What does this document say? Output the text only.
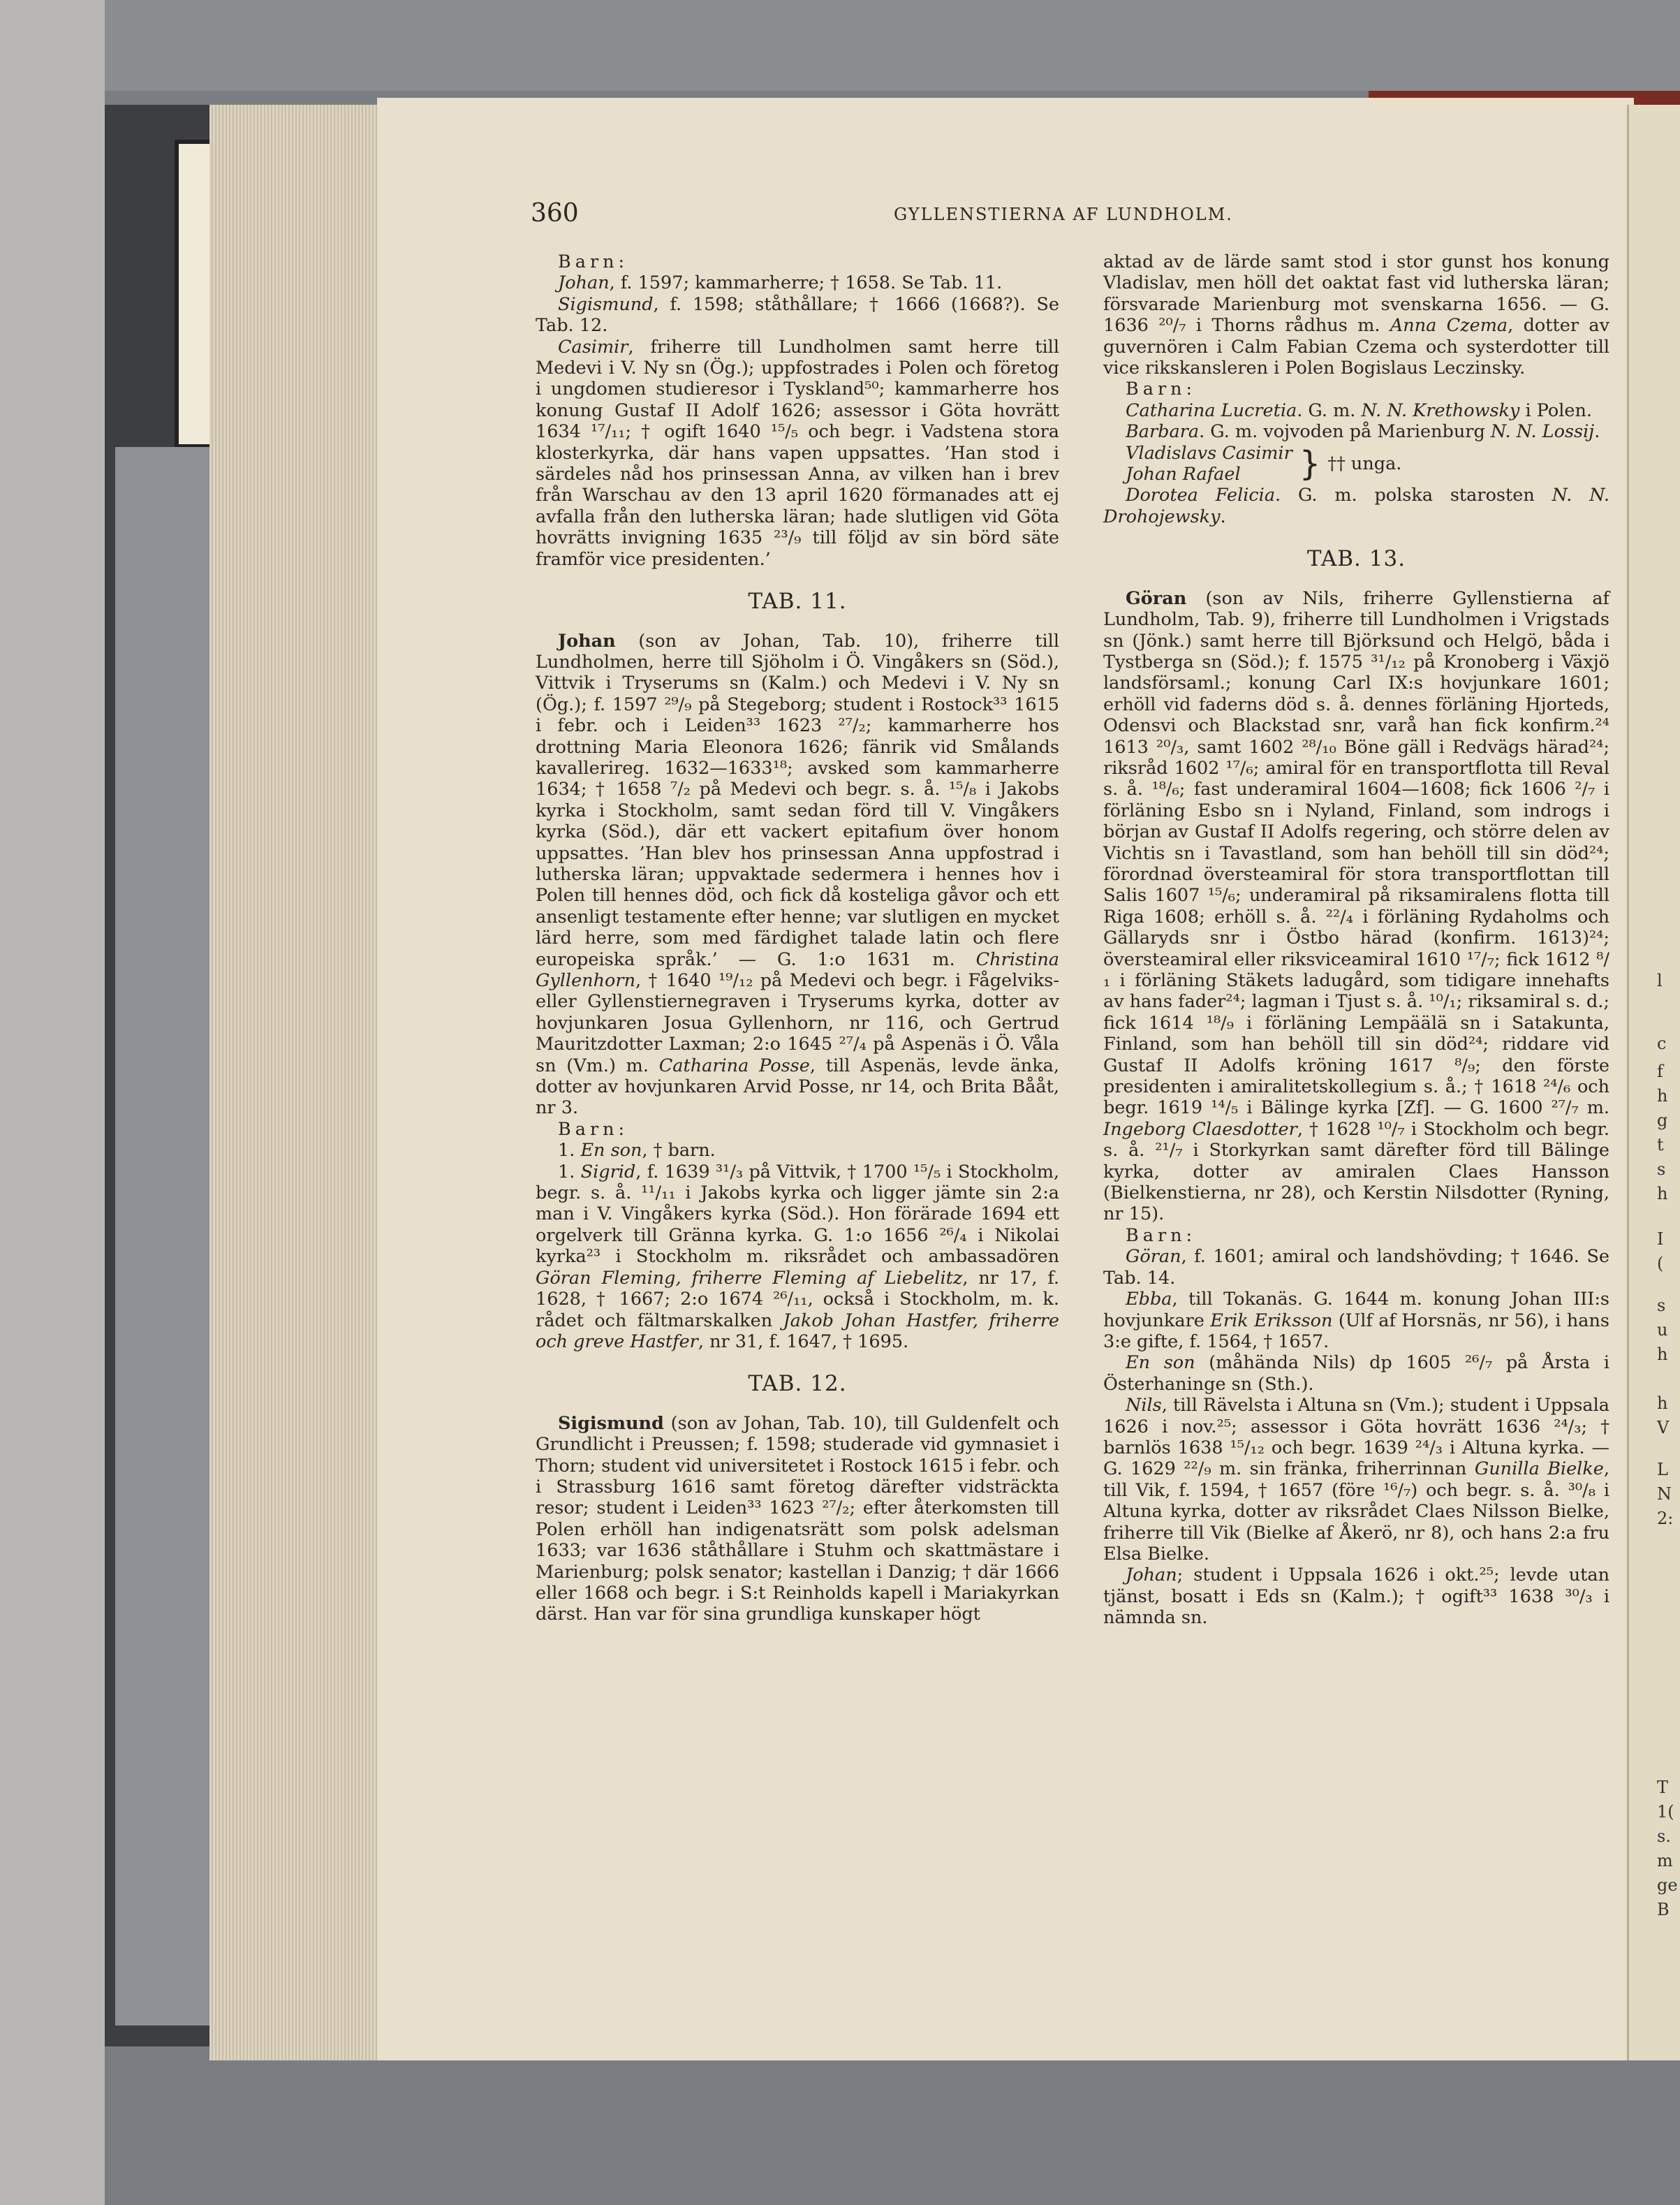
l
c
f
h
g
t
s
h
I
(
s
u
h
h
V
L
N
2:
T
1(
s.
m
ge
B
360	GYLLENSTIERNA AF LUNDHOLM.

Barn:

Johan, f. 1597; kammarherre; † 1658. Se Tab. 11.

Sigismund, f. 1598; ståthållare; † 1666 (1668?). Se Tab. 12.

Casimir, friherre till Lundholmen samt herre till Medevi i V. Ny sn (Ög.); uppfostrades i Polen och företog i ungdomen studieresor i Tyskland⁵⁰; kammarherre hos konung Gustaf II Adolf 1626; assessor i Göta hovrätt 1634 ¹⁷/₁₁; † ogift 1640 ¹⁵/₅ och begr. i Vadstena stora klosterkyrka, där hans vapen uppsattes. ’Han stod i särdeles nåd hos prinsessan Anna, av vilken han i brev från Warschau av den 13 april 1620 förmanades att ej avfalla från den lutherska läran; hade slutligen vid Göta hovrätts invigning 1635 ²³/₉ till följd av sin börd säte framför vice presidenten.’

TAB. 11.

Johan (son av Johan, Tab. 10), friherre till Lundholmen, herre till Sjöholm i Ö. Vingåkers sn (Söd.), Vittvik i Tryserums sn (Kalm.) och Medevi i V. Ny sn (Ög.); f. 1597 ²⁹/₉ på Stegeborg; student i Rostock³³ 1615 i febr. och i Leiden³³ 1623 ²⁷/₂; kammarherre hos drottning Maria Eleonora 1626; fänrik vid Smålands kavallerireg. 1632—1633¹⁸; avsked som kammarherre 1634; † 1658 ⁷/₂ på Medevi och begr. s. å. ¹⁵/₈ i Jakobs kyrka i Stockholm, samt sedan förd till V. Vingåkers kyrka (Söd.), där ett vackert epitafium över honom uppsattes. ’Han blev hos prinsessan Anna uppfostrad i lutherska läran; uppvaktade sedermera i hennes hov i Polen till hennes död, och fick då kosteliga gåvor och ett ansenligt testamente efter henne; var slutligen en mycket lärd herre, som med färdighet talade latin och flere europeiska språk.’ — G. 1:o 1631 m. Christina Gyllenhorn, † 1640 ¹⁹/₁₂ på Medevi och begr. i Fågelviks- eller Gyllenstiernegraven i Tryserums kyrka, dotter av hovjunkaren Josua Gyllenhorn, nr 116, och Gertrud Mauritzdotter Laxman; 2:o 1645 ²⁷/₄ på Aspenäs i Ö. Våla sn (Vm.) m. Catharina Posse, till Aspenäs, levde änka, dotter av hovjunkaren Arvid Posse, nr 14, och Brita Bååt, nr 3.

Barn:

1. En son, † barn.

1. Sigrid, f. 1639 ³¹/₃ på Vittvik, † 1700 ¹⁵/₅ i Stockholm, begr. s. å. ¹¹/₁₁ i Jakobs kyrka och ligger jämte sin 2:a man i V. Vingåkers kyrka (Söd.). Hon förärade 1694 ett orgelverk till Gränna kyrka. G. 1:o 1656 ²⁶/₄ i Nikolai kyrka²³ i Stockholm m. riksrådet och ambassadören Göran Fleming, friherre Fleming af Liebelitz, nr 17, f. 1628, † 1667; 2:o 1674 ²⁶/₁₁, också i Stockholm, m. k. rådet och fältmarskalken Jakob Johan Hastfer, friherre och greve Hastfer, nr 31, f. 1647, † 1695.

TAB. 12.

Sigismund (son av Johan, Tab. 10), till Guldenfelt och Grundlicht i Preussen; f. 1598; studerade vid gymnasiet i Thorn; student vid universitetet i Rostock 1615 i febr. och i Strassburg 1616 samt företog därefter vidsträckta resor; student i Leiden³³ 1623 ²⁷/₂; efter återkomsten till Polen erhöll han indigenatsrätt som polsk adelsman 1633; var 1636 ståthållare i Stuhm och skattmästare i Marienburg; polsk senator; kastellan i Danzig; † där 1666 eller 1668 och begr. i S:t Reinholds kapell i Mariakyrkan därst. Han var för sina grundliga kunskaper högt

aktad av de lärde samt stod i stor gunst hos konung Vladislav, men höll det oaktat fast vid lutherska läran; försvarade Marienburg mot svenskarna 1656. — G. 1636 ²⁰/₇ i Thorns rådhus m. Anna Czema, dotter av guvernören i Calm Fabian Czema och systerdotter till vice rikskansleren i Polen Bogislaus Leczinsky.

Barn:

Catharina Lucretia. G. m. N. N. Krethowsky i Polen.

Barbara. G. m. vojvoden på Marienburg N. N. Lossij.

Vladislavs Casimir
Johan Rafael	} †† unga.

Dorotea Felicia. G. m. polska starosten N. N. Drohojewsky.

TAB. 13.

Göran (son av Nils, friherre Gyllenstierna af Lundholm, Tab. 9), friherre till Lundholmen i Vrigstads sn (Jönk.) samt herre till Björksund och Helgö, båda i Tystberga sn (Söd.); f. 1575 ³¹/₁₂ på Kronoberg i Växjö landsförsaml.; konung Carl IX:s hovjunkare 1601; erhöll vid faderns död s. å. dennes förläning Hjorteds, Odensvi och Blackstad snr, varå han fick konfirm.²⁴ 1613 ²⁰/₃, samt 1602 ²⁸/₁₀ Böne gäll i Redvägs härad²⁴; riksråd 1602 ¹⁷/₆; amiral för en transportflotta till Reval s. å. ¹⁸/₆; fast underamiral 1604—1608; fick 1606 ²/₇ i förläning Esbo sn i Nyland, Finland, som indrogs i början av Gustaf II Adolfs regering, och större delen av Vichtis sn i Tavastland, som han behöll till sin död²⁴; förordnad översteamiral för stora transportflottan till Salis 1607 ¹⁵/₆; underamiral på riksamiralens flotta till Riga 1608; erhöll s. å. ²²/₄ i förläning Rydaholms och Gällaryds snr i Östbo härad (konfirm. 1613)²⁴; översteamiral eller riksviceamiral 1610 ¹⁷/₇; fick 1612 ⁸/₁ i förläning Stäkets ladugård, som tidigare innehafts av hans fader²⁴; lagman i Tjust s. å. ¹⁰/₁; riksamiral s. d.; fick 1614 ¹⁸/₉ i förläning Lempäälä sn i Satakunta, Finland, som han behöll till sin död²⁴; riddare vid Gustaf II Adolfs kröning 1617 ⁸/₉; den förste presidenten i amiralitetskollegium s. å.; † 1618 ²⁴/₆ och begr. 1619 ¹⁴/₅ i Bälinge kyrka [Zf]. — G. 1600 ²⁷/₇ m. Ingeborg Claesdotter, † 1628 ¹⁰/₇ i Stockholm och begr. s. å. ²¹/₇ i Storkyrkan samt därefter förd till Bälinge kyrka, dotter av amiralen Claes Hansson (Bielkenstierna, nr 28), och Kerstin Nilsdotter (Ryning, nr 15).

Barn:

Göran, f. 1601; amiral och landshövding; † 1646. Se Tab. 14.

Ebba, till Tokanäs. G. 1644 m. konung Johan III:s hovjunkare Erik Eriksson (Ulf af Horsnäs, nr 56), i hans 3:e gifte, f. 1564, † 1657.

En son (måhända Nils) dp 1605 ²⁶/₇ på Årsta i Österhaninge sn (Sth.).

Nils, till Rävelsta i Altuna sn (Vm.); student i Uppsala 1626 i nov.²⁵; assessor i Göta hovrätt 1636 ²⁴/₃; † barnlös 1638 ¹⁵/₁₂ och begr. 1639 ²⁴/₃ i Altuna kyrka. — G. 1629 ²²/₉ m. sin fränka, friherrinnan Gunilla Bielke, till Vik, f. 1594, † 1657 (före ¹⁶/₇) och begr. s. å. ³⁰/₈ i Altuna kyrka, dotter av riksrådet Claes Nilsson Bielke, friherre till Vik (Bielke af Åkerö, nr 8), och hans 2:a fru Elsa Bielke.

Johan; student i Uppsala 1626 i okt.²⁵; levde utan tjänst, bosatt i Eds sn (Kalm.); † ogift³³ 1638 ³⁰/₃ i nämnda sn.
